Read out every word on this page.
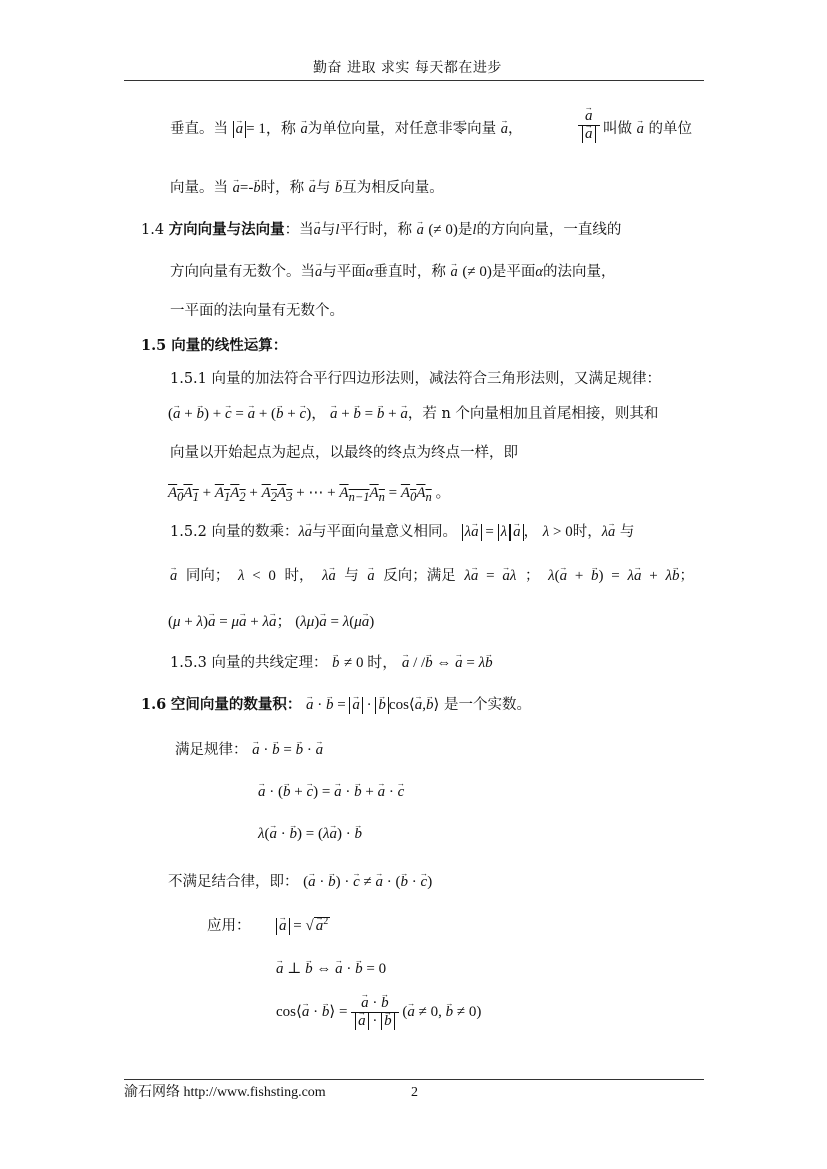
勤奋 进取 求实 每天都在进步
垂直。当 → a = 1，称 → a为单位向量，对任意非零向量 → a，	→ a
→ a 叫做 → a 的单位
向量。当 → a=-→ b时，称 → a与 → b互为相反向量。
1.4 方向向量与法向量：当→ a与l平行时，称 → a (≠ 0)是l的方向向量，一直线的
方向向量有无数个。当→ a与平面α垂直时，称 → a (≠ 0)是平面α的法向量，
一平面的法向量有无数个。
1.5 向量的线性运算：
1.5.1 向量的加法符合平行四边形法则，减法符合三角形法则，又满足规律：
(→ a + → b) + → c = → a + (→ b + → c)， → a + → b = → b + → a，若 n 个向量相加且首尾相接，则其和
向量以开始起点为起点，以最终的终点为终点一样，即
$A_0A_1 + A_1A_2 + A_2A_3$ + ⋯ + $A_{n-1}A_n = A_0A_n$ 。
1.5.2 向量的数乘：λ→ a与平面向量意义相同。 λ→ a = λ → a ， λ > 0时，λ→ a 与
→ a 同向； λ < 0 时， λ→ a 与 → a 反向；满足 λ→ a = → aλ ； λ(→ a + → b) = λ→ a + λ→ b；
(μ + λ)→ a = μ→ a + λ→ a； (λμ)→ a = λ(μ→ a)
1.5.3 向量的共线定理： → b ≠ 0 时， → a / /→ b ⇔ → a = λ→ b
1.6 空间向量的数量积： → a · → b = → a · → b cos⟨→ a,→ b⟩ 是一个实数。
满足规律： → a · → b = → b · → a
→ a · (→ b + → c) = → a · → b + → a · → c
λ(→ a · → b) = (λ→ a) · → b
不满足结合律，即： (→ a · → b) · → c ≠ → a · (→ b · → c)
应用： → a = √ → $a^2$
→ a ⊥ → b ⇔ → a · → b = 0
cos⟨→ a · → b⟩ = → a · → b
→ a · → b (→ a ≠ 0, → b ≠ 0)
渝石网络 http://www.fishsting.com	2
